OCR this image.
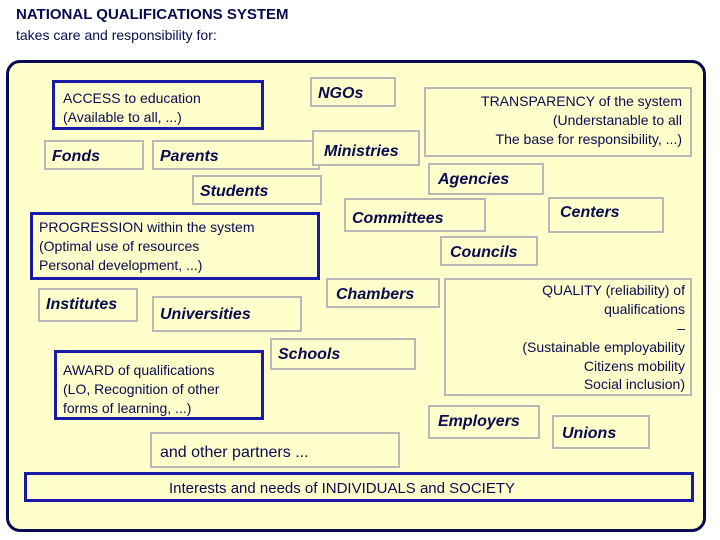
NATIONAL QUALIFICATIONS SYSTEM
takes care and responsibility for:
ACCESS to education
(Available to all, ...)
Fonds	Parents
Students
NGOs
Ministries
TRANSPARENCY of the system
(Understanable to all
The base for responsibility, ...)
Agencies
PROGRESSION within the system
(Optimal use of resources
Personal development, ...)
Committees	Centers
Councils
Institutes
Universities
Chambers	QUALITY (reliability) of
qualifications
–
(Sustainable employability
Citizens mobility
Social inclusion)
AWARD of qualifications
(LO, Recognition of other
forms of learning, ...)
Schools
Employers
Unions
and other partners ...
Interests and needs of INDIVIDUALS and SOCIETY
